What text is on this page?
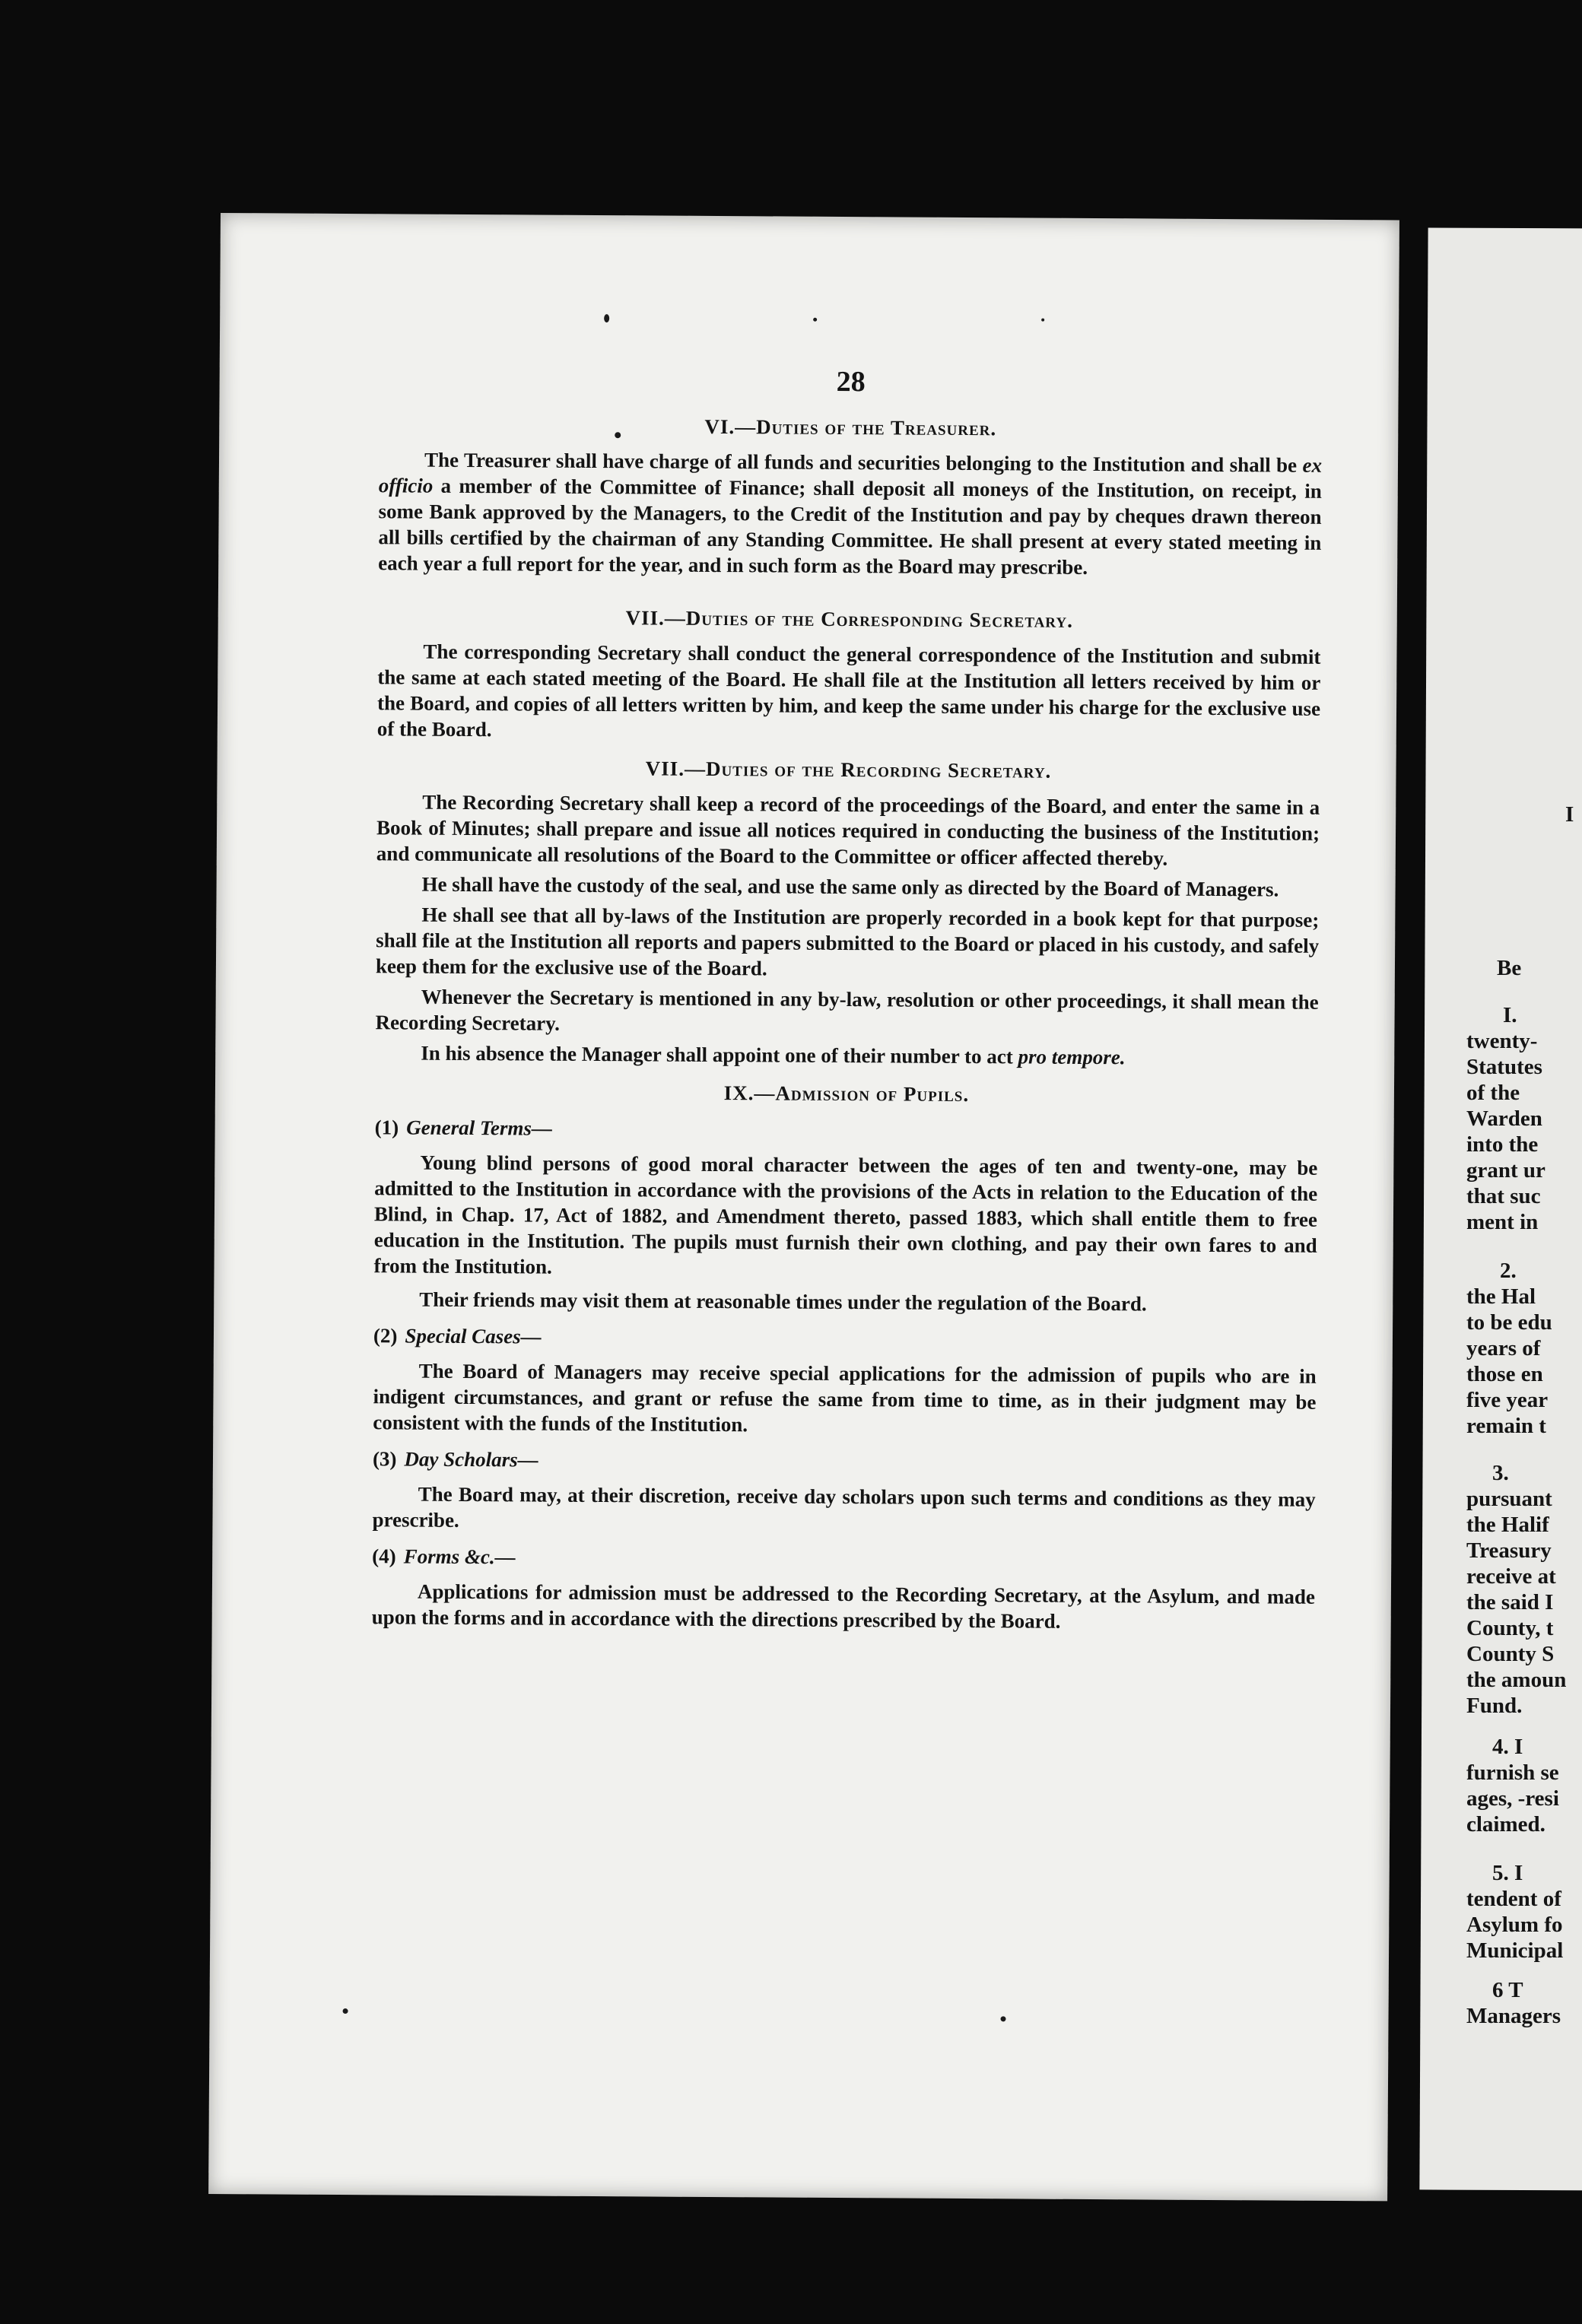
I
Be
I.
twenty-
Statutes
of the
Warden
into the
grant ur
that suc
ment in
2.
the Hal
to be edu
years of
those en
five year
remain t
3.
pursuant
the Halif
Treasury
receive at
the said I
County, t
County S
the amoun
Fund.
4. I
furnish se
ages, -resi
claimed.
5. I
tendent of
Asylum fo
Municipal
6 T
Managers
28
VI.—Duties of the Treasurer.

The Treasurer shall have charge of all funds and securities belonging to the Institution and shall be ex officio a member of the Committee of Finance; shall deposit all moneys of the Institution, on receipt, in some Bank approved by the Managers, to the Credit of the Institution and pay by cheques drawn thereon all bills certified by the chairman of any Standing Committee. He shall present at every stated meeting in each year a full report for the year, and in such form as the Board may prescribe.

VII.—Duties of the Corresponding Secretary.

The corresponding Secretary shall conduct the general correspondence of the Institution and submit the same at each stated meeting of the Board. He shall file at the Institution all letters received by him or the Board, and copies of all letters written by him, and keep the same under his charge for the exclusive use of the Board.

VII.—Duties of the Recording Secretary.

The Recording Secretary shall keep a record of the proceedings of the Board, and enter the same in a Book of Minutes; shall prepare and issue all notices required in conducting the business of the Institution; and communicate all resolutions of the Board to the Committee or officer affected thereby.

He shall have the custody of the seal, and use the same only as directed by the Board of Managers.

He shall see that all by-laws of the Institution are properly recorded in a book kept for that purpose; shall file at the Institution all reports and papers submitted to the Board or placed in his custody, and safely keep them for the exclusive use of the Board.

Whenever the Secretary is mentioned in any by-law, resolution or other proceedings, it shall mean the Recording Secretary.

In his absence the Manager shall appoint one of their number to act pro tempore.

IX.—Admission of Pupils.
(1) General Terms—

Young blind persons of good moral character between the ages of ten and twenty-one, may be admitted to the Institution in accordance with the provisions of the Acts in relation to the Education of the Blind, in Chap. 17, Act of 1882, and Amendment thereto, passed 1883, which shall entitle them to free education in the Institution. The pupils must furnish their own clothing, and pay their own fares to and from the Institution.

Their friends may visit them at reasonable times under the regulation of the Board.

(2) Special Cases—

The Board of Managers may receive special applications for the admission of pupils who are in indigent circumstances, and grant or refuse the same from time to time, as in their judgment may be consistent with the funds of the Institution.

(3) Day Scholars—

The Board may, at their discretion, receive day scholars upon such terms and conditions as they may prescribe.

(4) Forms &c.—

Applications for admission must be addressed to the Recording Secretary, at the Asylum, and made upon the forms and in accordance with the directions prescribed by the Board.
